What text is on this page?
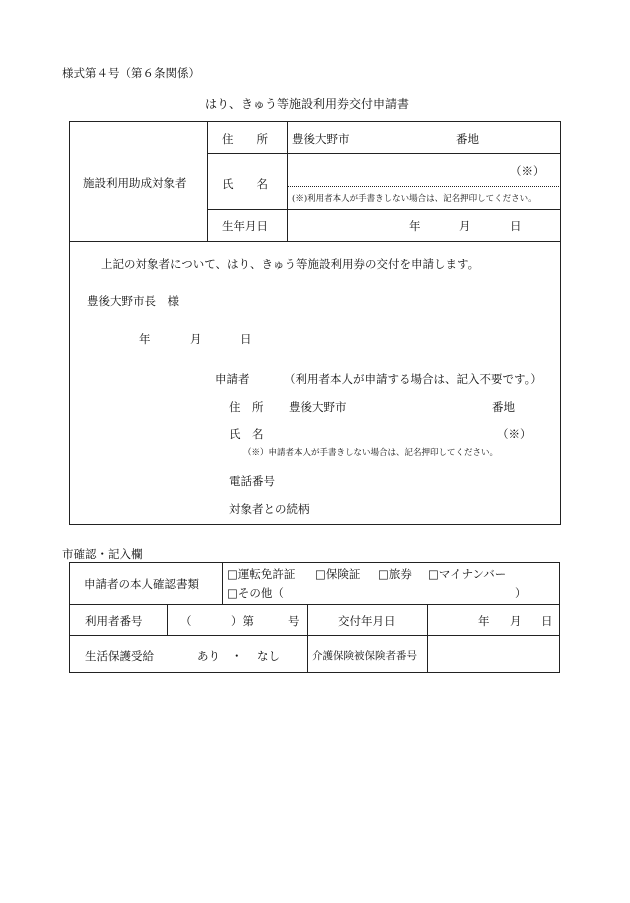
様式第４号（第６条関係）
はり、きゅう等施設利用券交付申請書
施設利用助成対象者
住　　所 豊後大野市	番地
氏　　名
（※）
(※)利用者本人が手書きしない場合は、記名押印してください。
生年月日	年	月	日
上記の対象者について、はり、きゅう等施設利用券の交付を申請します。
豊後大野市長　様
年	月	日
申請者	（利用者本人が申請する場合は、記入不要です。）
住　所 豊後大野市	番地
氏　名	（※）
（※）申請者本人が手書きしない場合は、記名押印してください。
電話番号
対象者との続柄
市確認・記入欄
申請者の本人確認書類
□運転免許証 □保険証 □旅券 □マイナンバー
□その他（	）
利用者番号	（	）第	号	交付年月日	年 月 日
生活保護受給	あり ・ なし	介護保険被保険者番号
